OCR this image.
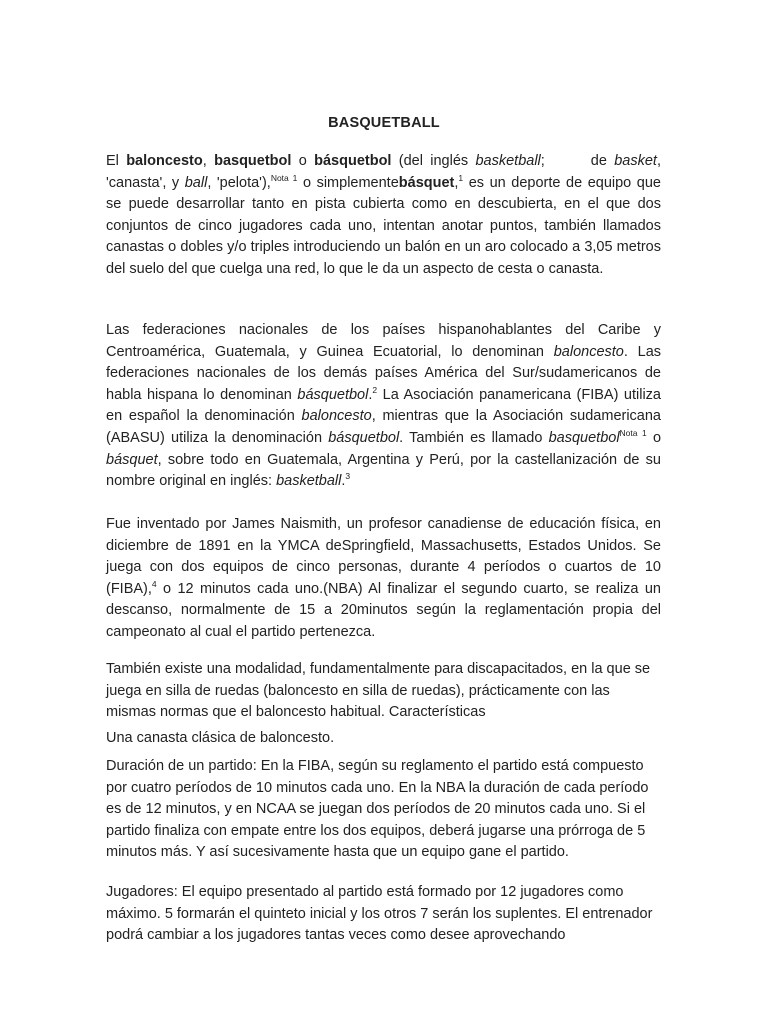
BASQUETBALL

El baloncesto, basquetbol o básquetbol (del inglés basketball;	de basket, 'canasta', y ball, 'pelota'),$^{Nota 1}$ o simplementebásquet,$^1$ es un deporte de equipo que se puede desarrollar tanto en pista cubierta como en descubierta, en el que dos conjuntos de cinco jugadores cada uno, intentan anotar puntos, también llamados canastas o dobles y/o triples introduciendo un balón en un aro colocado a 3,05 metros del suelo del que cuelga una red, lo que le da un aspecto de cesta o canasta.

Las federaciones nacionales de los países hispanohablantes del Caribe y Centroamérica, Guatemala, y Guinea Ecuatorial, lo denominan baloncesto. Las federaciones nacionales de los demás países América del Sur/sudamericanos de habla hispana lo denominan básquetbol.$^2$ La Asociación panamericana (FIBA) utiliza en español la denominación baloncesto, mientras que la Asociación sudamericana (ABASU) utiliza la denominación básquetbol. También es llamado basquetbol$^{Nota 1}$ o básquet, sobre todo en Guatemala, Argentina y Perú, por la castellanización de su nombre original en inglés: basketball.$^3$

Fue inventado por James Naismith, un profesor canadiense de educación física, en diciembre de 1891 en la YMCA deSpringfield, Massachusetts, Estados Unidos. Se juega con dos equipos de cinco personas, durante 4 períodos o cuartos de 10 (FIBA),$^4$ o 12 minutos cada uno.(NBA) Al finalizar el segundo cuarto, se realiza un descanso, normalmente de 15 a 20minutos según la reglamentación propia del campeonato al cual el partido pertenezca.

También existe una modalidad, fundamentalmente para discapacitados, en la que se juega en silla de ruedas (baloncesto en silla de ruedas), prácticamente con las mismas normas que el baloncesto habitual. Características

Una canasta clásica de baloncesto.

Duración de un partido: En la FIBA, según su reglamento el partido está compuesto por cuatro períodos de 10 minutos cada uno. En la NBA la duración de cada período es de 12 minutos, y en NCAA se juegan dos períodos de 20 minutos cada uno. Si el partido finaliza con empate entre los dos equipos, deberá jugarse una prórroga de 5 minutos más. Y así sucesivamente hasta que un equipo gane el partido.

Jugadores: El equipo presentado al partido está formado por 12 jugadores como máximo. 5 formarán el quinteto inicial y los otros 7 serán los suplentes. El entrenador podrá cambiar a los jugadores tantas veces como desee aprovechando
